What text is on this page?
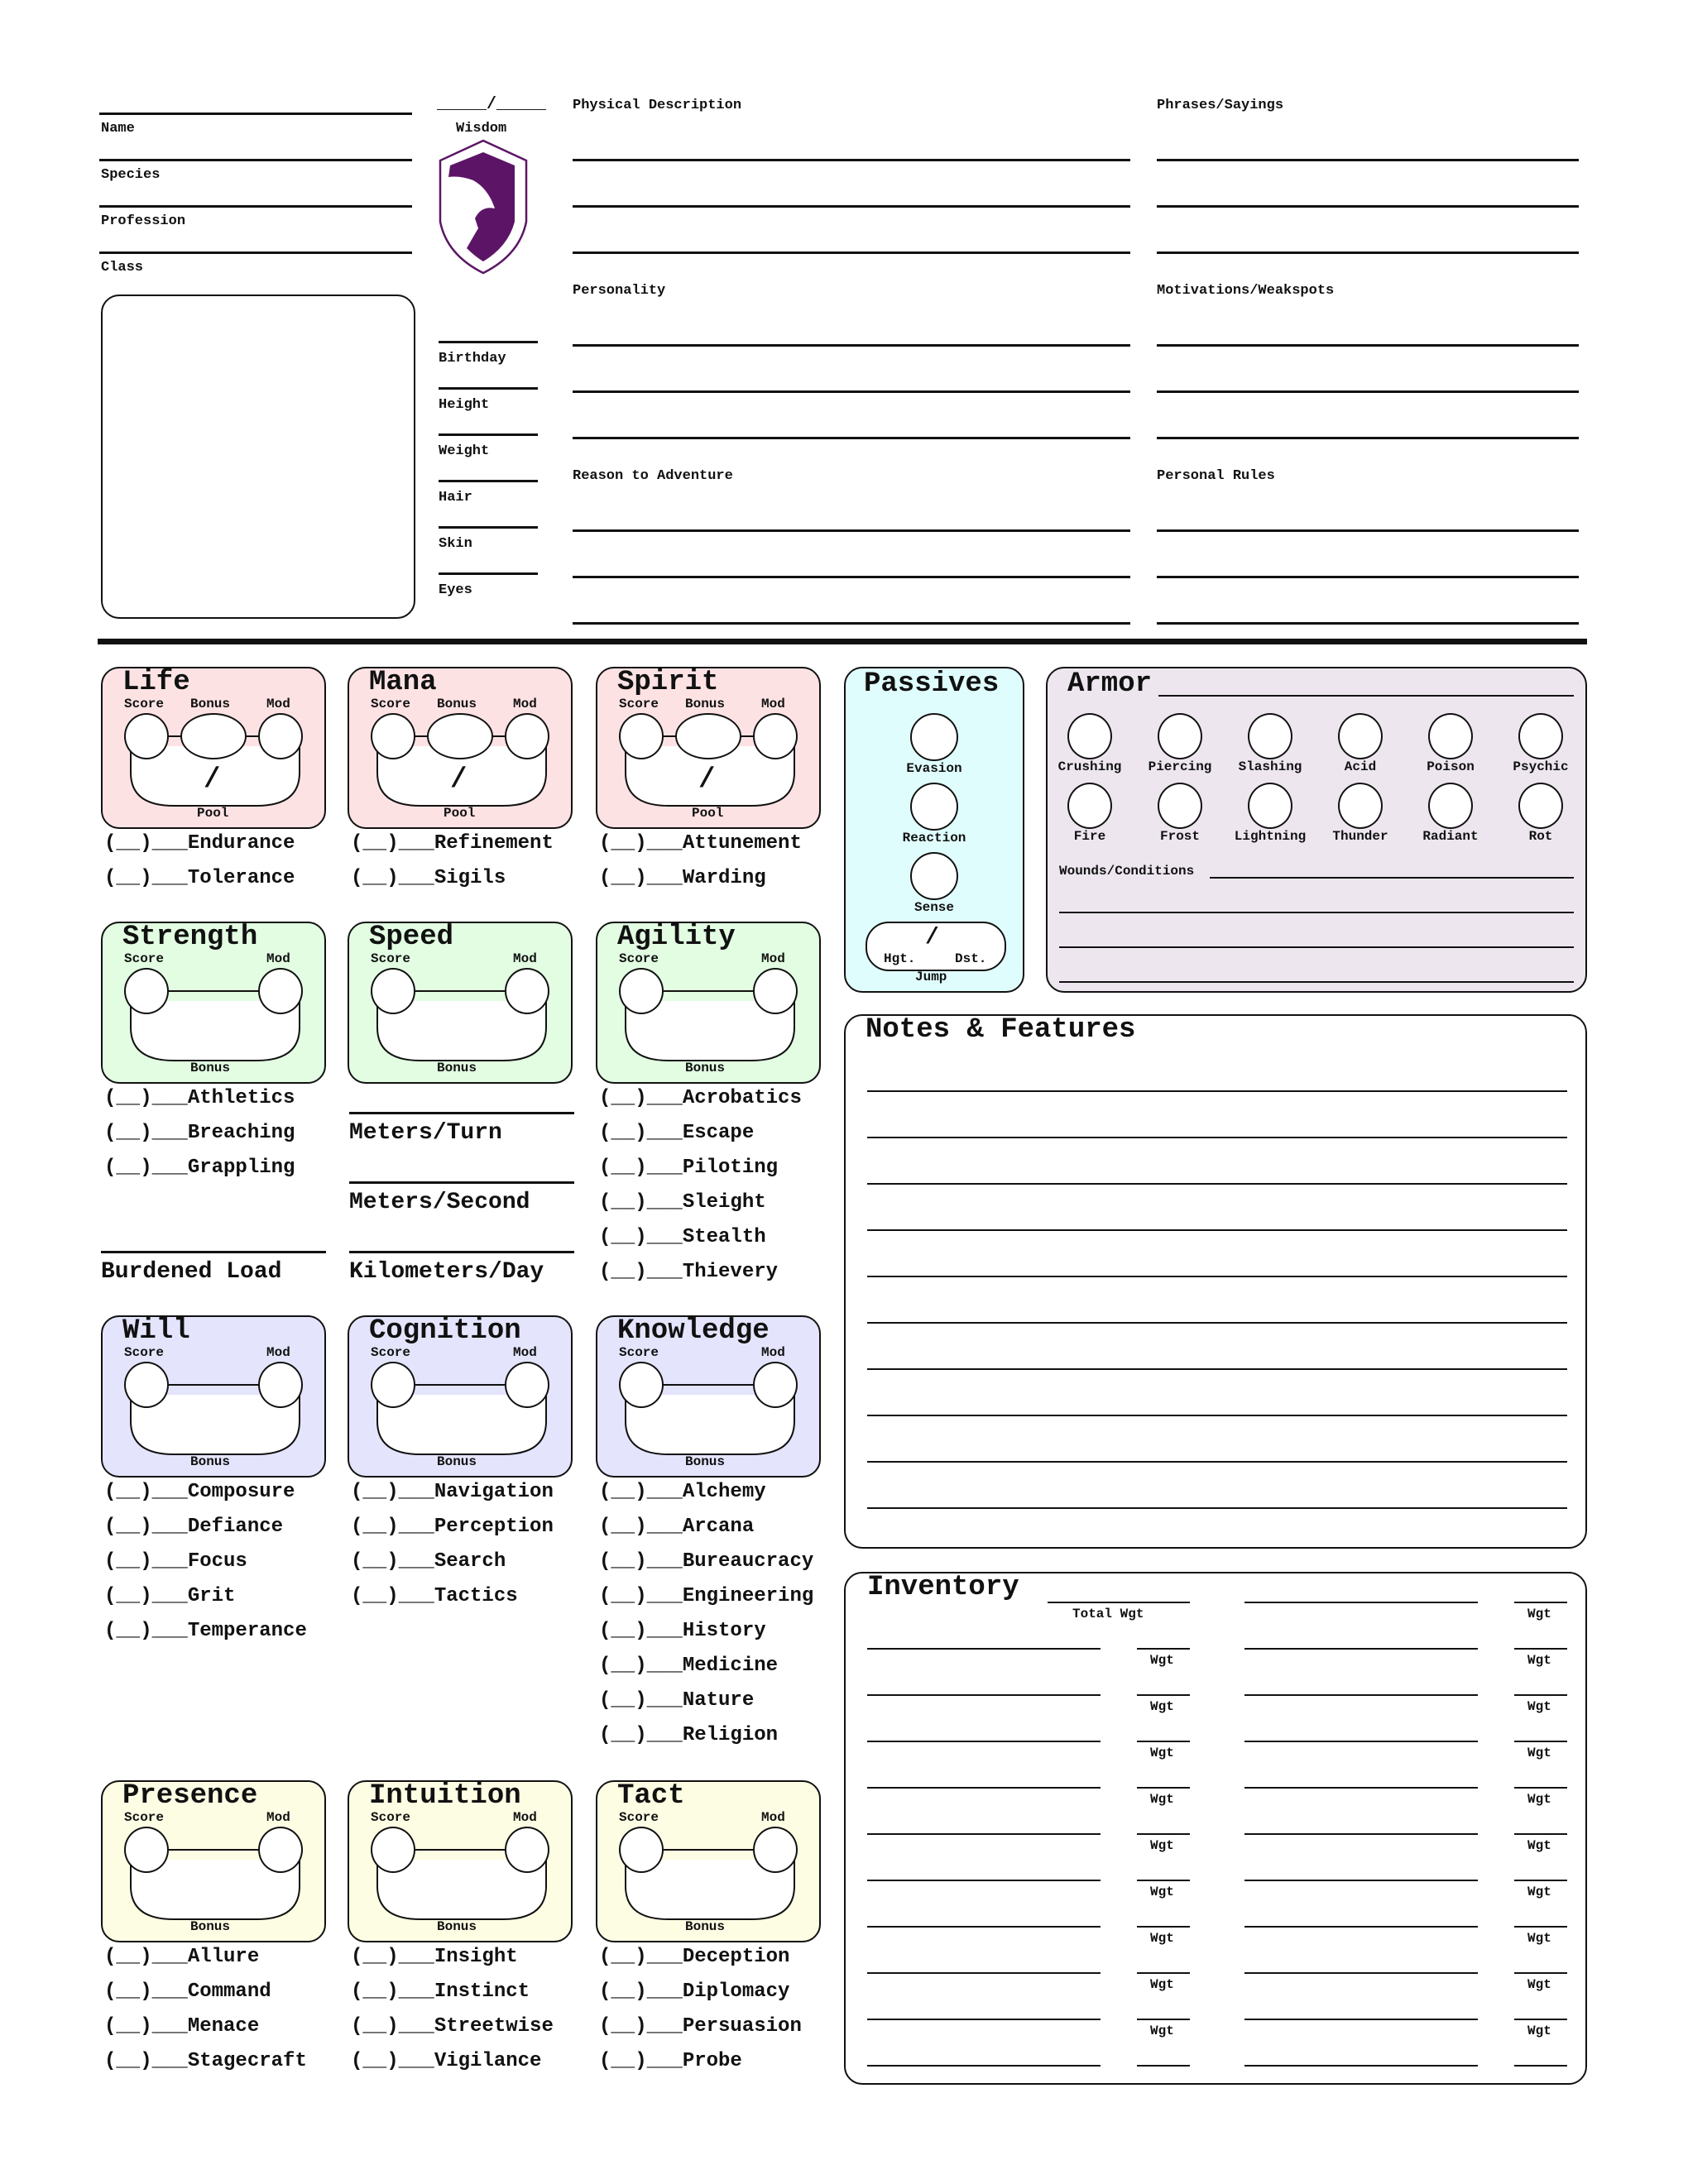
Name
Species
Profession
Class
_____/_____
Wisdom
Birthday
Height
Weight
Hair
Skin
Eyes
Physical Description	Phrases/Sayings
Personality	Motivations/Weakspots
Reason to Adventure	Personal Rules
Life
Score Bonus	Mod
/
Pool
(__)___Endurance
(__)___Tolerance
Mana
Score Bonus	Mod
/
Pool
(__)___Refinement
(__)___Sigils
Spirit
Score Bonus	Mod
/
Pool
(__)___Attunement
(__)___Warding
Strength
Score	Mod
Bonus
(__)___Athletics
(__)___Breaching
(__)___Grappling
Speed
Score	Mod
Bonus
Agility
Score	Mod
Bonus
(__)___Acrobatics
(__)___Escape
(__)___Piloting
(__)___Sleight
(__)___Stealth
(__)___Thievery
Meters/Turn
Meters/Second
Burdened Load	Kilometers/Day
Will
Score	Mod
Bonus
(__)___Composure
(__)___Defiance
(__)___Focus
(__)___Grit
(__)___Temperance
Cognition
Score	Mod
Bonus
(__)___Navigation
(__)___Perception
(__)___Search
(__)___Tactics
Knowledge
Score	Mod
Bonus
(__)___Alchemy
(__)___Arcana
(__)___Bureaucracy
(__)___Engineering
(__)___History
(__)___Medicine
(__)___Nature
(__)___Religion
Presence
Score	Mod
Bonus
(__)___Allure
(__)___Command
(__)___Menace
(__)___Stagecraft
Intuition
Score	Mod
Bonus
(__)___Insight
(__)___Instinct
(__)___Streetwise
(__)___Vigilance
Tact
Score	Mod
Bonus
(__)___Deception
(__)___Diplomacy
(__)___Persuasion
(__)___Probe
Passives
Evasion
Reaction
Sense
/
Hgt.	Dst.
Jump
Armor
Crushing	Piercing	Slashing	Acid	Poison	Psychic
Fire	Frost	Lightning	Thunder	Radiant	Rot
Wounds/Conditions
Notes & Features
Inventory
Total Wgt	Wgt
Wgt	Wgt
Wgt	Wgt
Wgt	Wgt
Wgt	Wgt
Wgt	Wgt
Wgt	Wgt
Wgt	Wgt
Wgt	Wgt
Wgt	Wgt
